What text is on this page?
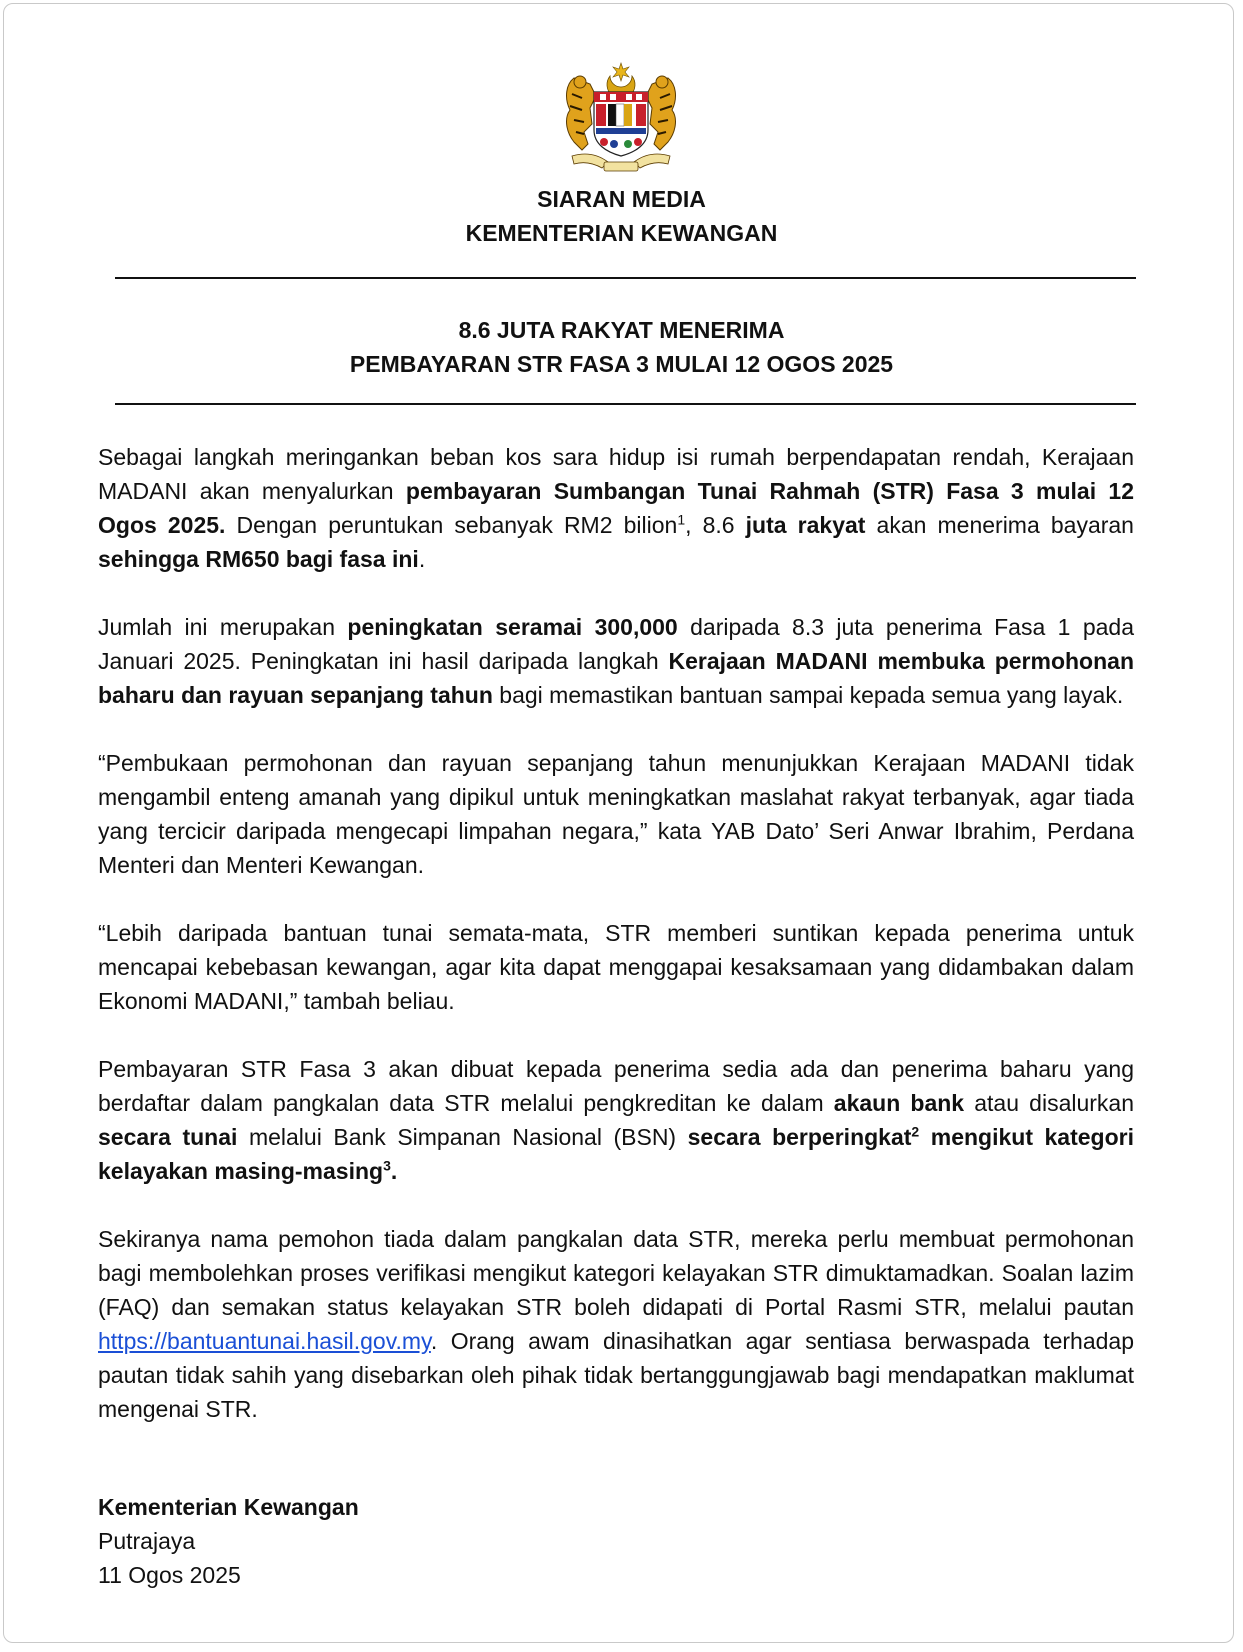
SIARAN MEDIA
KEMENTERIAN KEWANGAN
8.6 JUTA RAKYAT MENERIMA
PEMBAYARAN STR FASA 3 MULAI 12 OGOS 2025

Sebagai langkah meringankan beban kos sara hidup isi rumah berpendapatan rendah, Kerajaan MADANI akan menyalurkan pembayaran Sumbangan Tunai Rahmah (STR) Fasa 3 mulai 12 Ogos 2025. Dengan peruntukan sebanyak RM2 bilion$^1$, 8.6 juta rakyat akan menerima bayaran sehingga RM650 bagi fasa ini.

Jumlah ini merupakan peningkatan seramai 300,000 daripada 8.3 juta penerima Fasa 1 pada Januari 2025. Peningkatan ini hasil daripada langkah Kerajaan MADANI membuka permohonan baharu dan rayuan sepanjang tahun bagi memastikan bantuan sampai kepada semua yang layak.

“Pembukaan permohonan dan rayuan sepanjang tahun menunjukkan Kerajaan MADANI tidak mengambil enteng amanah yang dipikul untuk meningkatkan maslahat rakyat terbanyak, agar tiada yang tercicir daripada mengecapi limpahan negara,” kata YAB Dato’ Seri Anwar Ibrahim, Perdana Menteri dan Menteri Kewangan.

“Lebih daripada bantuan tunai semata-mata, STR memberi suntikan kepada penerima untuk mencapai kebebasan kewangan, agar kita dapat menggapai kesaksamaan yang didambakan dalam Ekonomi MADANI,” tambah beliau.

Pembayaran STR Fasa 3 akan dibuat kepada penerima sedia ada dan penerima baharu yang berdaftar dalam pangkalan data STR melalui pengkreditan ke dalam akaun bank atau disalurkan secara tunai melalui Bank Simpanan Nasional (BSN) secara berperingkat$^2$ mengikut kategori kelayakan masing-masing$^3$.

Sekiranya nama pemohon tiada dalam pangkalan data STR, mereka perlu membuat permohonan bagi membolehkan proses verifikasi mengikut kategori kelayakan STR dimuktamadkan. Soalan lazim (FAQ) dan semakan status kelayakan STR boleh didapati di Portal Rasmi STR, melalui pautan https://bantuantunai.hasil.gov.my. Orang awam dinasihatkan agar sentiasa berwaspada terhadap pautan tidak sahih yang disebarkan oleh pihak tidak bertanggungjawab bagi mendapatkan maklumat mengenai STR.

Kementerian Kewangan
Putrajaya
11 Ogos 2025
